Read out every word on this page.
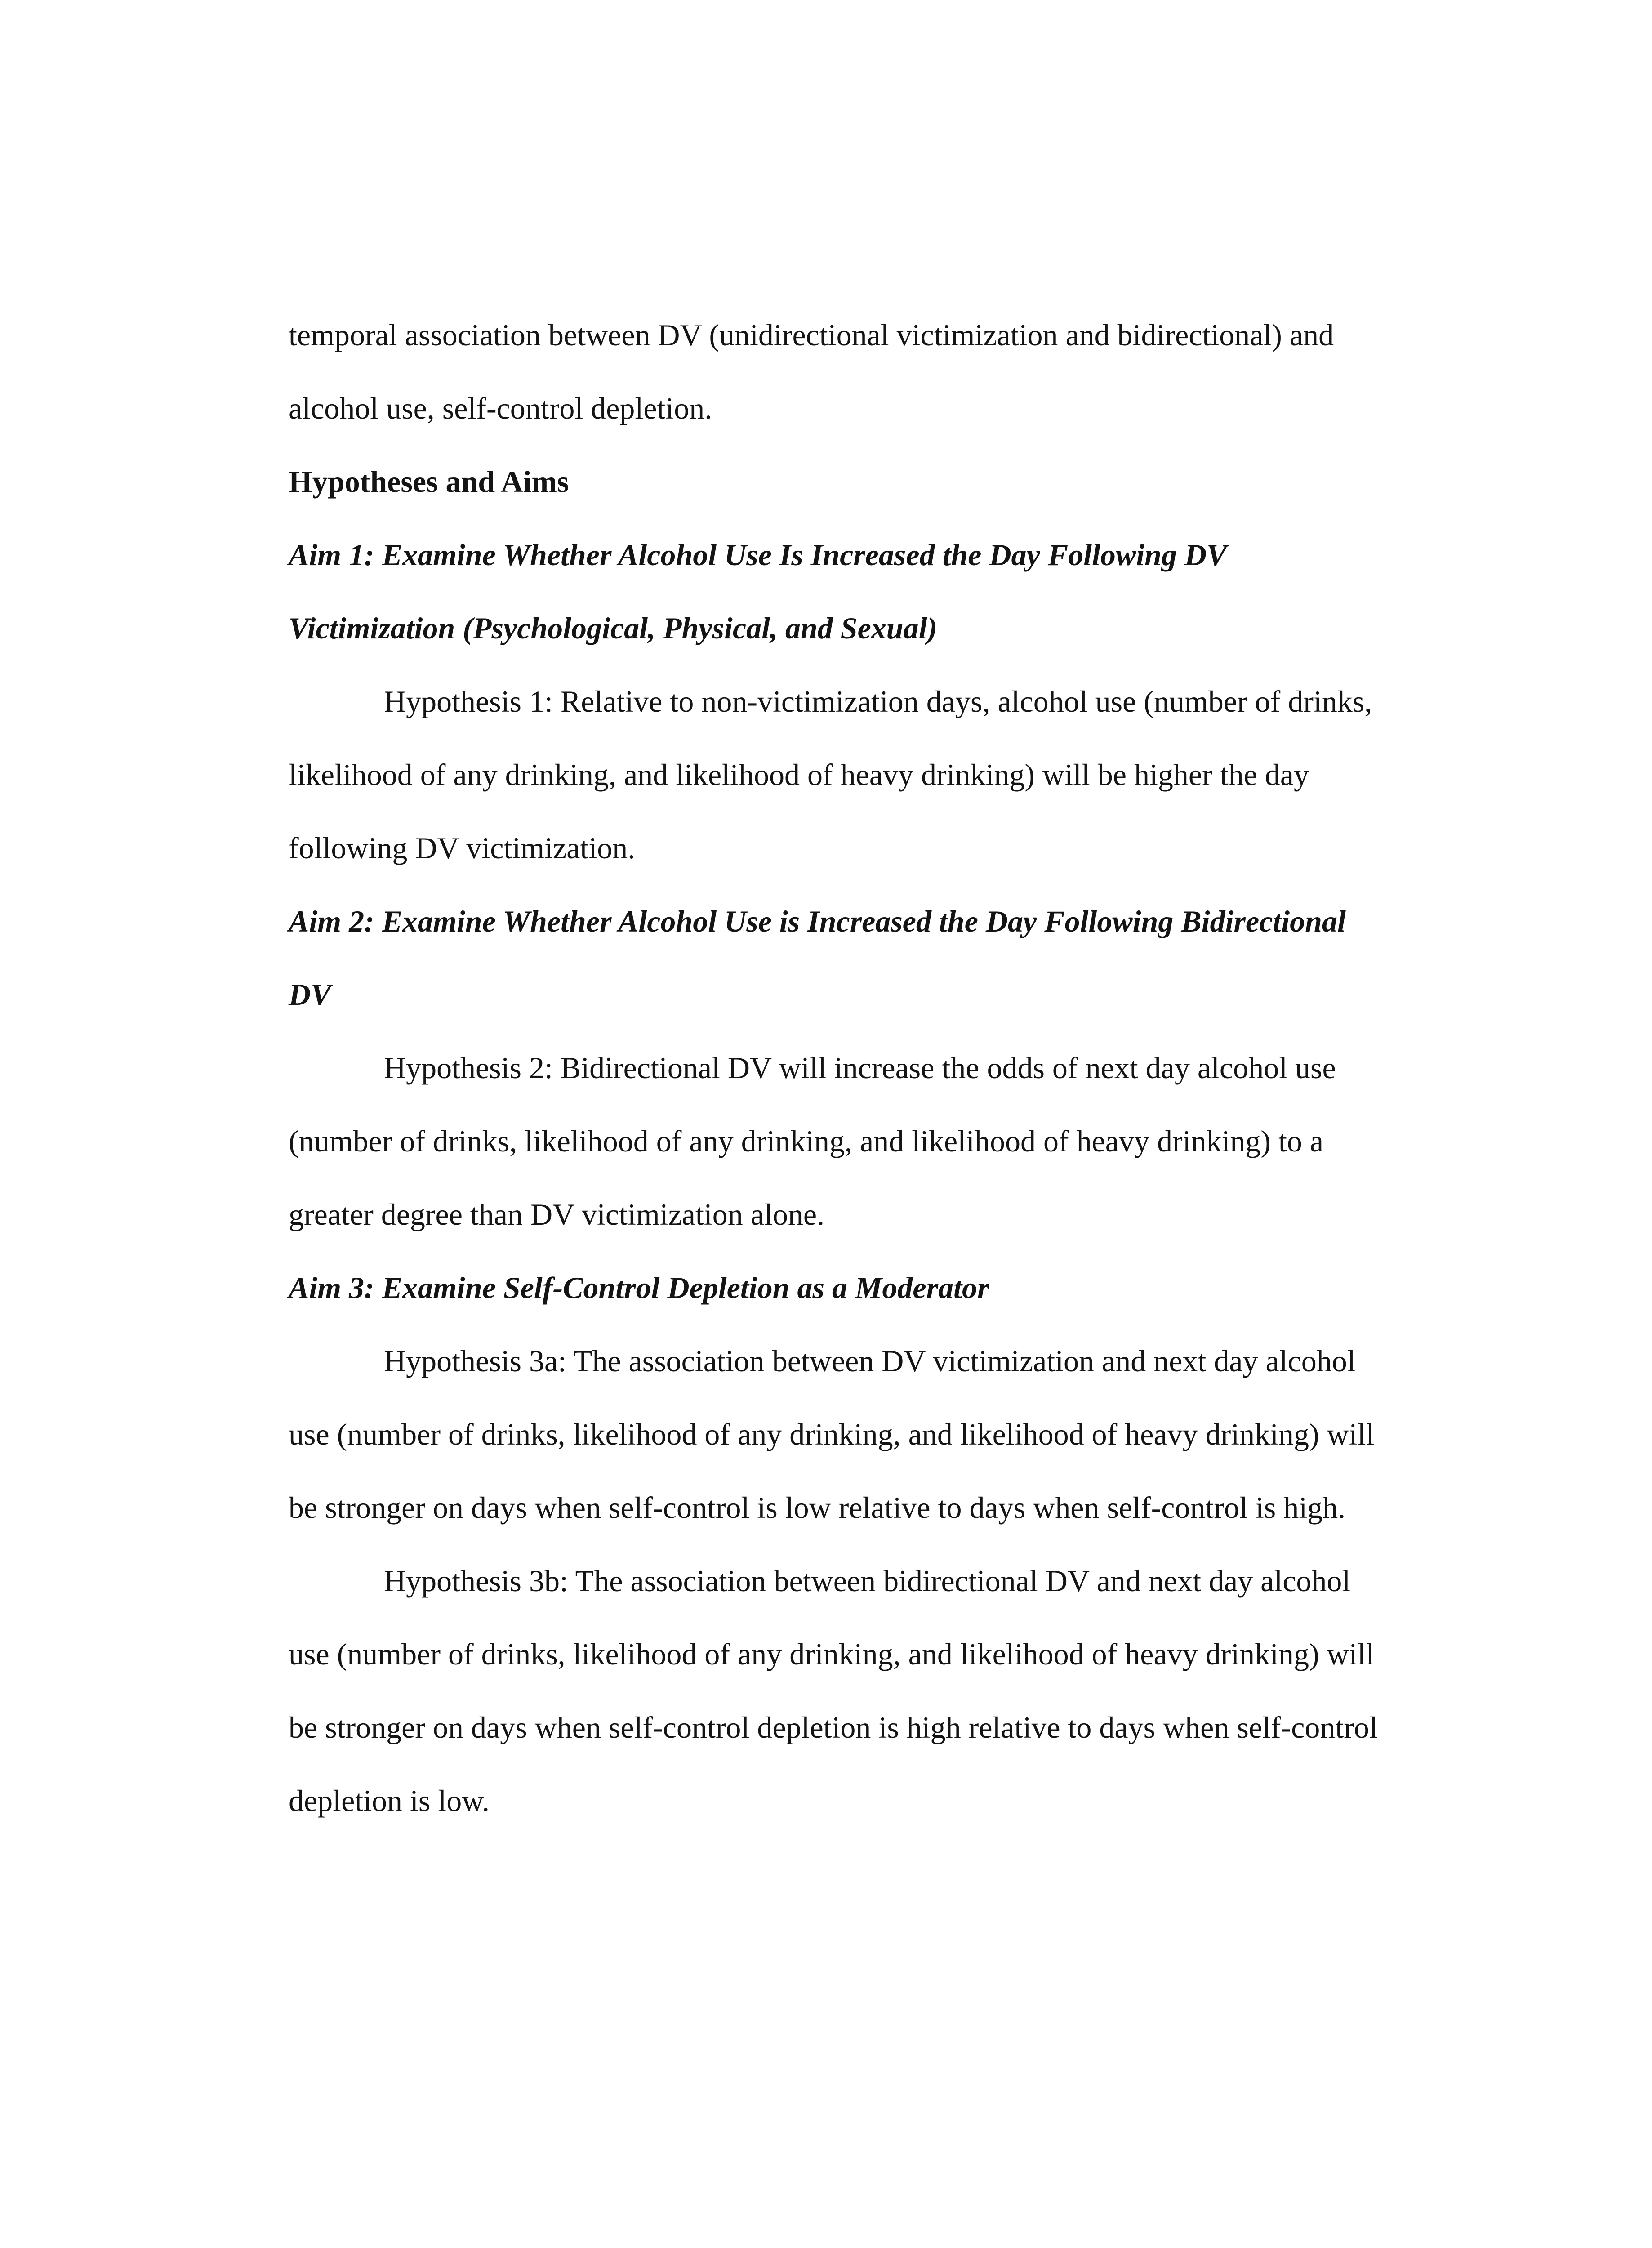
temporal association between DV (unidirectional victimization and bidirectional) and
alcohol use, self-control depletion.
Hypotheses and Aims
Aim 1: Examine Whether Alcohol Use Is Increased the Day Following DV
Victimization (Psychological, Physical, and Sexual)
Hypothesis 1: Relative to non-victimization days, alcohol use (number of drinks,
likelihood of any drinking, and likelihood of heavy drinking) will be higher the day
following DV victimization.
Aim 2: Examine Whether Alcohol Use is Increased the Day Following Bidirectional
DV
Hypothesis 2: Bidirectional DV will increase the odds of next day alcohol use
(number of drinks, likelihood of any drinking, and likelihood of heavy drinking) to a
greater degree than DV victimization alone.
Aim 3: Examine Self-Control Depletion as a Moderator
Hypothesis 3a: The association between DV victimization and next day alcohol
use (number of drinks, likelihood of any drinking, and likelihood of heavy drinking) will
be stronger on days when self-control is low relative to days when self-control is high.
Hypothesis 3b: The association between bidirectional DV and next day alcohol
use (number of drinks, likelihood of any drinking, and likelihood of heavy drinking) will
be stronger on days when self-control depletion is high relative to days when self-control
depletion is low.
